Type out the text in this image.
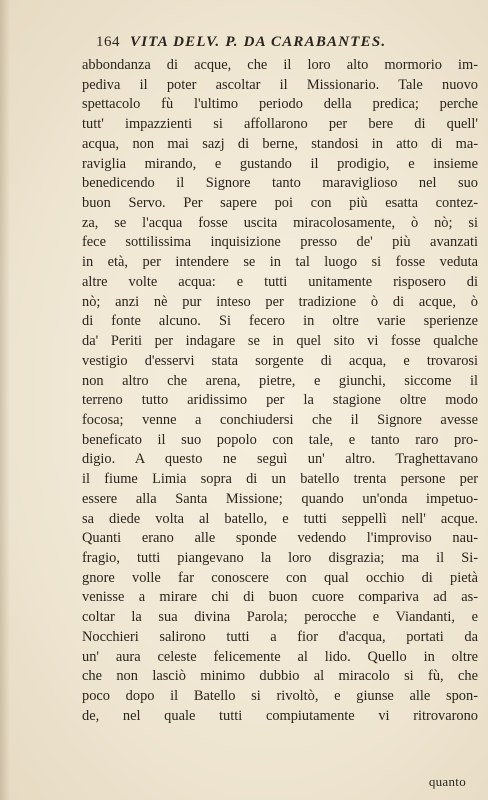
164 VITA DELV. P. DA CARABANTES.
abbondanza di acque, che il loro alto mormorio im-
pediva il poter ascoltar il Missionario. Tale nuovo
spettacolo fù l'ultimo periodo della predica; perche
tutt' impazzienti si affollarono per bere di quell'
acqua, non mai sazj di berne, standosi in atto di ma-
raviglia mirando, e gustando il prodigio, e insieme
benedicendo il Signore tanto maraviglioso nel suo
buon Servo. Per sapere poi con più esatta contez-
za, se l'acqua fosse uscita miracolosamente, ò nò; si
fece sottilissima inquisizione presso de' più avanzati
in età, per intendere se in tal luogo si fosse veduta
altre volte acqua: e tutti unitamente risposero di
nò; anzi nè pur inteso per tradizione ò di acque, ò
di fonte alcuno. Si fecero in oltre varie sperienze
da' Periti per indagare se in quel sito vi fosse qualche
vestigio d'esservi stata sorgente di acqua, e trovarosi
non altro che arena, pietre, e giunchi, siccome il
terreno tutto aridissimo per la stagione oltre modo
focosa; venne a conchiudersi che il Signore avesse
beneficato il suo popolo con tale, e tanto raro pro-
digio. A questo ne seguì un' altro. Traghettavano
il fiume Limia sopra di un batello trenta persone per
essere alla Santa Missione; quando un'onda impetuo-
sa diede volta al batello, e tutti seppellì nell' acque.
Quanti erano alle sponde vedendo l'improviso nau-
fragio, tutti piangevano la loro disgrazia; ma il Si-
gnore volle far conoscere con qual occhio di pietà
venisse a mirare chi di buon cuore compariva ad as-
coltar la sua divina Parola; perocche e Viandanti, e
Nocchieri salirono tutti a fior d'acqua, portati da
un' aura celeste felicemente al lido. Quello in oltre
che non lasciò minimo dubbio al miracolo si fù, che
poco dopo il Batello si rivoltò, e giunse alle spon-
de, nel quale tutti compiutamente vi ritrovarono
quanto
